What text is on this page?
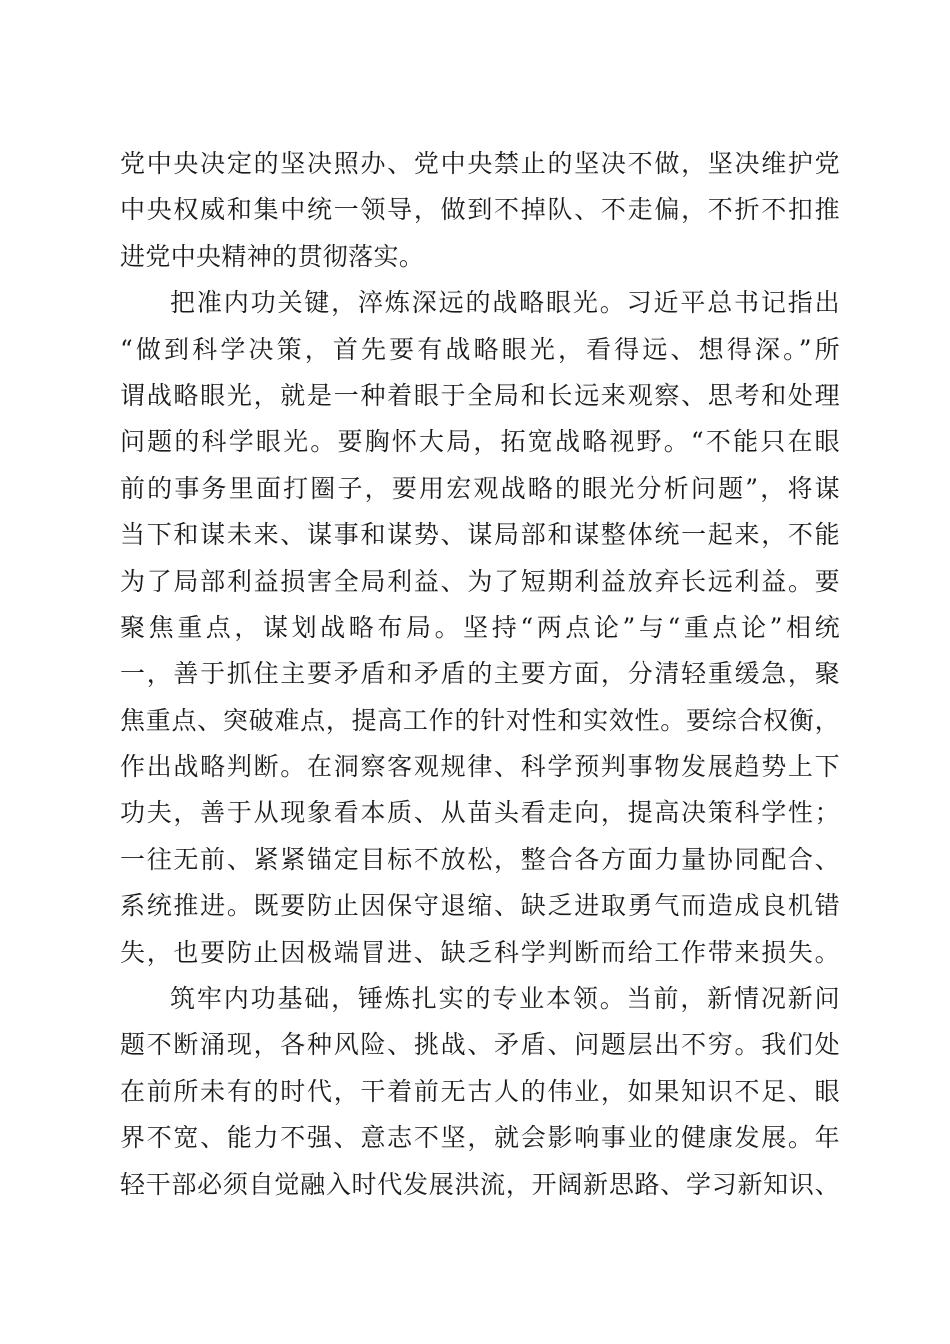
党中央决定的坚决照办、党中央禁止的坚决不做，坚决维护党
中央权威和集中统一领导，做到不掉队、不走偏，不折不扣推
进党中央精神的贯彻落实。
把准内功关键，淬炼深远的战略眼光。习近平总书记指出
“做到科学决策，首先要有战略眼光，看得远、想得深。”所
谓战略眼光，就是一种着眼于全局和长远来观察、思考和处理
问题的科学眼光。要胸怀大局，拓宽战略视野。“不能只在眼
前的事务里面打圈子，要用宏观战略的眼光分析问题”，将谋
当下和谋未来、谋事和谋势、谋局部和谋整体统一起来，不能
为了局部利益损害全局利益、为了短期利益放弃长远利益。要
聚焦重点，谋划战略布局。坚持“两点论”与“重点论”相统
一，善于抓住主要矛盾和矛盾的主要方面，分清轻重缓急，聚
焦重点、突破难点，提高工作的针对性和实效性。要综合权衡，
作出战略判断。在洞察客观规律、科学预判事物发展趋势上下
功夫，善于从现象看本质、从苗头看走向，提高决策科学性；
一往无前、紧紧锚定目标不放松，整合各方面力量协同配合、
系统推进。既要防止因保守退缩、缺乏进取勇气而造成良机错
失，也要防止因极端冒进、缺乏科学判断而给工作带来损失。
筑牢内功基础，锤炼扎实的专业本领。当前，新情况新问
题不断涌现，各种风险、挑战、矛盾、问题层出不穷。我们处
在前所未有的时代，干着前无古人的伟业，如果知识不足、眼
界不宽、能力不强、意志不坚，就会影响事业的健康发展。年
轻干部必须自觉融入时代发展洪流，开阔新思路、学习新知识、
